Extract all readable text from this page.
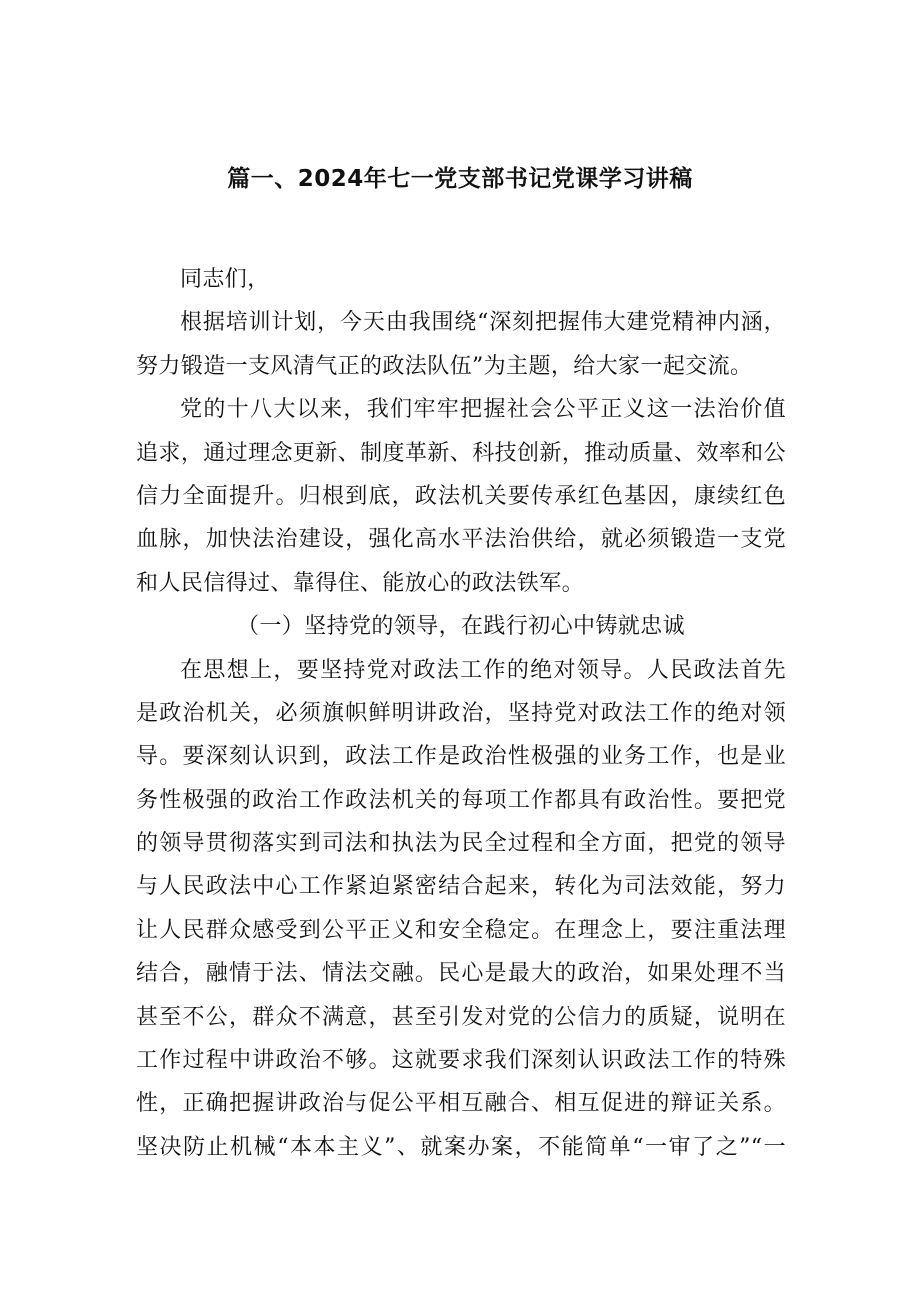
篇一、2024年七一党支部书记党课学习讲稿
同志们，
根据培训计划，今天由我围绕“深刻把握伟大建党精神内涵，
努力锻造一支风清气正的政法队伍”为主题，给大家一起交流。
党的十八大以来，我们牢牢把握社会公平正义这一法治价值
追求，通过理念更新、制度革新、科技创新，推动质量、效率和公
信力全面提升。归根到底，政法机关要传承红色基因，康续红色
血脉，加快法治建设，强化高水平法治供给，就必须锻造一支党
和人民信得过、靠得住、能放心的政法铁军。
（一）坚持党的领导，在践行初心中铸就忠诚
在思想上，要坚持党对政法工作的绝对领导。人民政法首先
是政治机关，必须旗帜鲜明讲政治，坚持党对政法工作的绝对领
导。要深刻认识到，政法工作是政治性极强的业务工作，也是业
务性极强的政治工作政法机关的每项工作都具有政治性。要把党
的领导贯彻落实到司法和执法为民全过程和全方面，把党的领导
与人民政法中心工作紧迫紧密结合起来，转化为司法效能，努力
让人民群众感受到公平正义和安全稳定。在理念上，要注重法理
结合，融情于法、情法交融。民心是最大的政治，如果处理不当
甚至不公，群众不满意，甚至引发对党的公信力的质疑，说明在
工作过程中讲政治不够。这就要求我们深刻认识政法工作的特殊
性，正确把握讲政治与促公平相互融合、相互促进的辩证关系。
坚决防止机械“本本主义”、就案办案，不能简单“一审了之”“一
